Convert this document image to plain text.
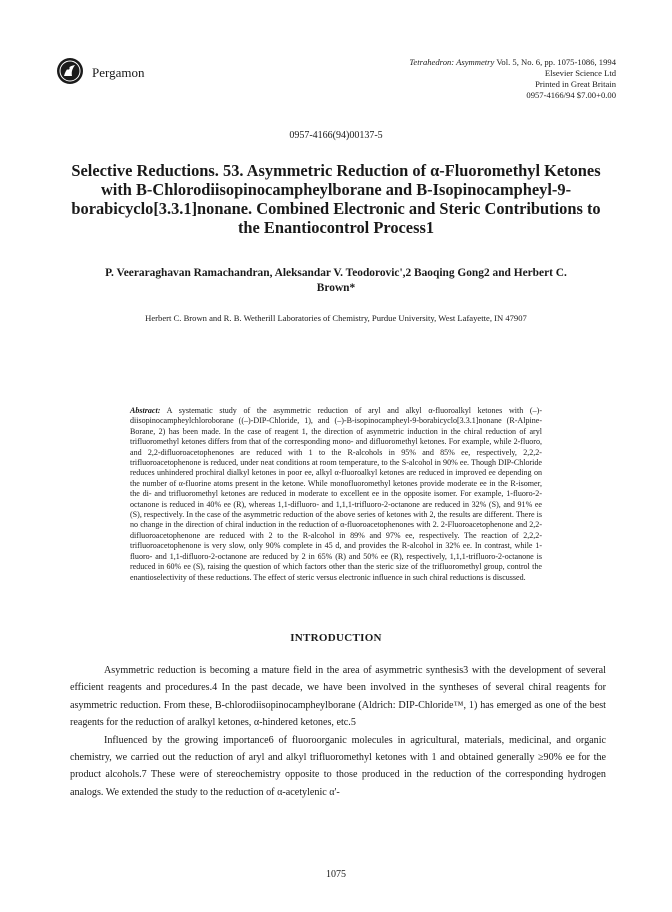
Pergamon
Tetrahedron: Asymmetry Vol. 5, No. 6, pp. 1075-1086, 1994
Elsevier Science Ltd
Printed in Great Britain
0957-4166/94 $7.00+0.00
0957-4166(94)00137-5
Selective Reductions. 53. Asymmetric Reduction of α-Fluoromethyl Ketones with B-Chlorodiisopinocampheylborane and B-Isopinocampheyl-9-borabicyclo[3.3.1]nonane. Combined Electronic and Steric Contributions to the Enantiocontrol Process1
P. Veeraraghavan Ramachandran, Aleksandar V. Teodorovic',2 Baoqing Gong2 and Herbert C. Brown*
Herbert C. Brown and R. B. Wetherill Laboratories of Chemistry, Purdue University, West Lafayette, IN 47907
Abstract: A systematic study of the asymmetric reduction of aryl and alkyl α-fluoroalkyl ketones with (–)-diisopinocampheylchloroborane ((–)-DIP-Chloride, 1), and (–)-B-isopinocampheyl-9-borabicyclo[3.3.1]nonane (R-Alpine-Borane, 2) has been made. In the case of reagent 1, the direction of asymmetric induction in the chiral reduction of aryl trifluoromethyl ketones differs from that of the corresponding mono- and difluoromethyl ketones. For example, while 2-fluoro, and 2,2-difluoroacetophenones are reduced with 1 to the R-alcohols in 95% and 85% ee, respectively, 2,2,2-trifluoroacetophenone is reduced, under neat conditions at room temperature, to the S-alcohol in 90% ee. Though DIP-Chloride reduces unhindered prochiral dialkyl ketones in poor ee, alkyl α-fluoroalkyl ketones are reduced in improved ee depending on the number of α-fluorine atoms present in the ketone. While monofluoromethyl ketones provide moderate ee in the R-isomer, the di- and trifluoromethyl ketones are reduced in moderate to excellent ee in the opposite isomer. For example, 1-fluoro-2-octanone is reduced in 40% ee (R), whereas 1,1-difluoro- and 1,1,1-trifluoro-2-octanone are reduced in 32% (S), and 91% ee (S), respectively. In the case of the asymmetric reduction of the above series of ketones with 2, the results are different. There is no change in the direction of chiral induction in the reduction of α-fluoroacetophenones with 2. 2-Fluoroacetophenone and 2,2-difluoroacetophenone are reduced with 2 to the R-alcohol in 89% and 97% ee, respectively. The reaction of 2,2,2-trifluoroacetophenone is very slow, only 90% complete in 45 d, and provides the R-alcohol in 32% ee. In contrast, while 1-fluoro- and 1,1-difluoro-2-octanone are reduced by 2 in 65% (R) and 50% ee (R), respectively, 1,1,1-trifluoro-2-octanone is reduced in 60% ee (S), raising the question of which factors other than the steric size of the trifluoromethyl group, control the enantioselectivity of these reductions. The effect of steric versus electronic influence in such chiral reductions is discussed.
INTRODUCTION

Asymmetric reduction is becoming a mature field in the area of asymmetric synthesis3 with the development of several efficient reagents and procedures.4 In the past decade, we have been involved in the syntheses of several chiral reagents for asymmetric reduction. From these, B-chlorodiisopinocampheylborane (Aldrich: DIP-Chloride™, 1) has emerged as one of the best reagents for the reduction of aralkyl ketones, α-hindered ketones, etc.5

Influenced by the growing importance6 of fluoroorganic molecules in agricultural, materials, medicinal, and organic chemistry, we carried out the reduction of aryl and alkyl trifluoromethyl ketones with 1 and obtained generally ≥90% ee for the product alcohols.7 These were of stereochemistry opposite to those produced in the reduction of the corresponding hydrogen analogs. We extended the study to the reduction of α-acetylenic α'-

1075
